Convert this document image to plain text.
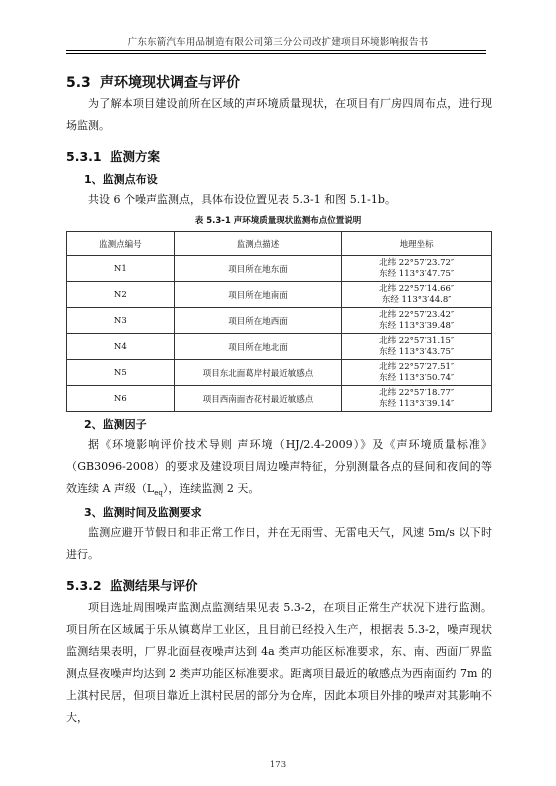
广东东箭汽车用品制造有限公司第三分公司改扩建项目环境影响报告书
5.3 声环境现状调查与评价

为了解本项目建设前所在区域的声环境质量现状，在项目有厂房四周布点，进行现场监测。

5.3.1 监测方案
1、监测点布设

共设 6 个噪声监测点，具体布设位置见表 5.3-1 和图 5.1-1b。

表 5.3-1 声环境质量现状监测布点位置说明
监测点编号	监测点描述	地理坐标
N1	项目所在地东面	北纬 22°57′23.72″
东经 113°3′47.75″

N2	项目所在地南面	北纬 22°57′14.66″
东经 113°3′44.8″

N3	项目所在地西面	北纬 22°57′23.42″
东经 113°3′39.48″

N4	项目所在地北面	北纬 22°57′31.15″
东经 113°3′43.75″

N5	项目东北面葛岸村最近敏感点	北纬 22°57′27.51″
东经 113°3′50.74″

N6	项目西南面杏花村最近敏感点	北纬 22°57′18.77″
东经 113°3′39.14″
2、监测因子

据《环境影响评价技术导则 声环境（HJ/2.4-2009）》及《声环境质量标准》（GB3096-2008）的要求及建设项目周边噪声特征，分别测量各点的昼间和夜间的等效连续 A 声级$(L_{eq})$，连续监测 2 天。

3、监测时间及监测要求

监测应避开节假日和非正常工作日，并在无雨雪、无雷电天气，风速 5m/s 以下时进行。

5.3.2 监测结果与评价

项目选址周围噪声监测点监测结果见表 5.3-2，在项目正常生产状况下进行监测。项目所在区域属于乐从镇葛岸工业区，且目前已经投入生产，根据表 5.3-2，噪声现状监测结果表明，厂界北面昼夜噪声达到 4a 类声功能区标准要求，东、南、西面厂界监测点昼夜噪声均达到 2 类声功能区标准要求。距离项目最近的敏感点为西南面约 7m 的上淇村民居，但项目靠近上淇村民居的部分为仓库，因此本项目外排的噪声对其影响不大，

173
